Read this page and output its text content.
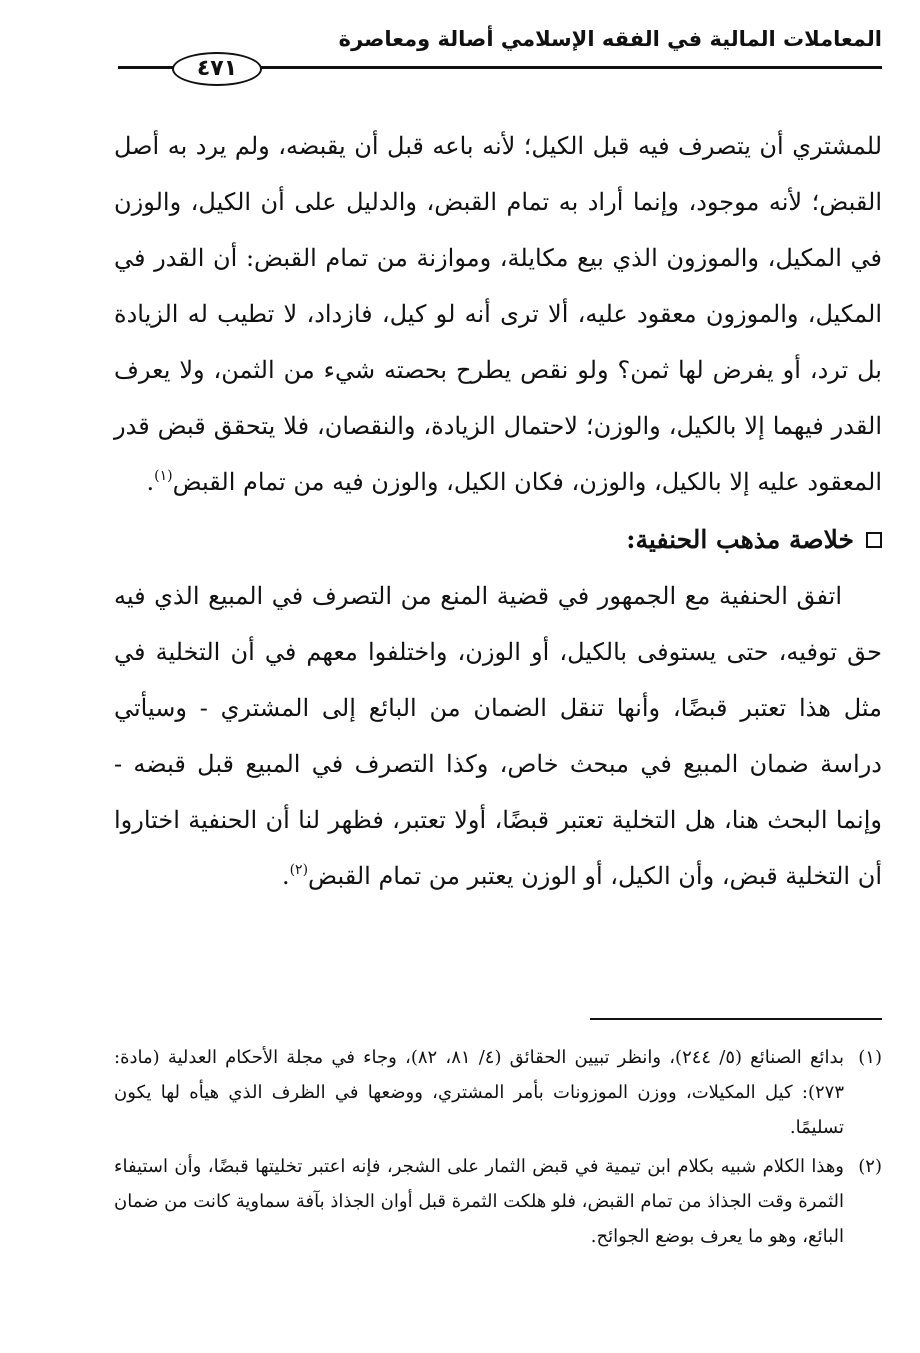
المعاملات المالية في الفقه الإسلامي أصالة ومعاصرة
٤٧١

للمشتري أن يتصرف فيه قبل الكيل؛ لأنه باعه قبل أن يقبضه، ولم يرد به أصل القبض؛ لأنه موجود، وإنما أراد به تمام القبض، والدليل على أن الكيل، والوزن في المكيل، والموزون الذي بيع مكايلة، وموازنة من تمام القبض: أن القدر في المكيل، والموزون معقود عليه، ألا ترى أنه لو كيل، فازداد، لا تطيب له الزيادة بل ترد، أو يفرض لها ثمن؟ ولو نقص يطرح بحصته شيء من الثمن، ولا يعرف القدر فيهما إلا بالكيل، والوزن؛ لاحتمال الزيادة، والنقصان، فلا يتحقق قبض قدر المعقود عليه إلا بالكيل، والوزن، فكان الكيل، والوزن فيه من تمام القبض$^{(١)}$.

خلاصة مذهب الحنفية:

اتفق الحنفية مع الجمهور في قضية المنع من التصرف في المبيع الذي فيه حق توفيه، حتى يستوفى بالكيل، أو الوزن، واختلفوا معهم في أن التخلية في مثل هذا تعتبر قبضًا، وأنها تنقل الضمان من البائع إلى المشتري - وسيأتي دراسة ضمان المبيع في مبحث خاص، وكذا التصرف في المبيع قبل قبضه - وإنما البحث هنا، هل التخلية تعتبر قبضًا، أولا تعتبر، فظهر لنا أن الحنفية اختاروا أن التخلية قبض، وأن الكيل، أو الوزن يعتبر من تمام القبض$^{(٢)}$.

(١)
بدائع الصنائع (٥/ ٢٤٤)، وانظر تبيين الحقائق (٤/ ٨١، ٨٢)، وجاء في مجلة الأحكام العدلية (مادة: ٢٧٣): كيل المكيلات، ووزن الموزونات بأمر المشتري، ووضعها في الظرف الذي هيأه لها يكون تسليمًا.
(٢)
وهذا الكلام شبيه بكلام ابن تيمية في قبض الثمار على الشجر، فإنه اعتبر تخليتها قبضًا، وأن استيفاء الثمرة وقت الجذاذ من تمام القبض، فلو هلكت الثمرة قبل أوان الجذاذ بآفة سماوية كانت من ضمان البائع، وهو ما يعرف بوضع الجوائح.
